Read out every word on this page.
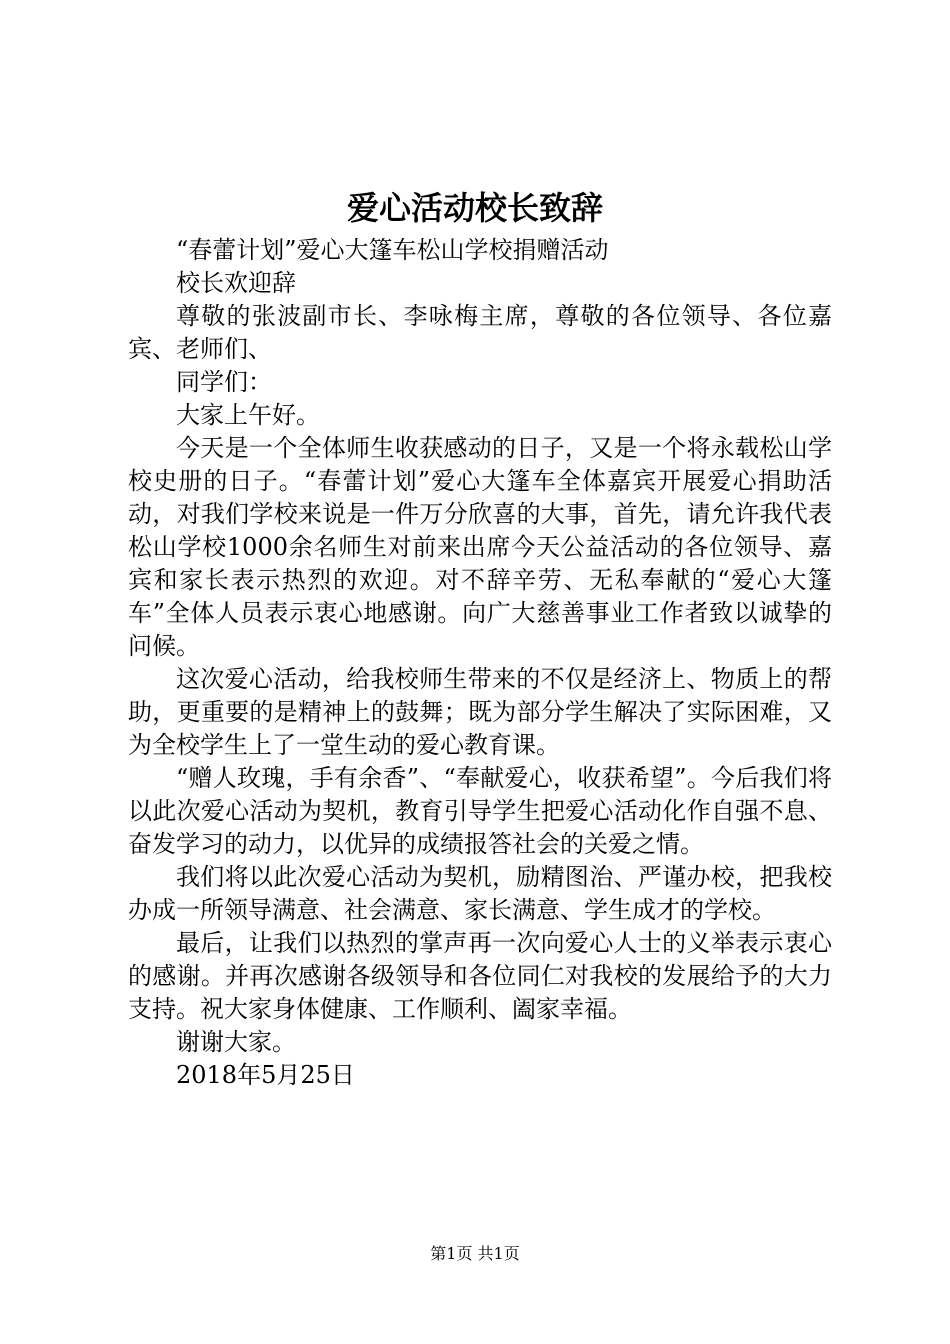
爱心活动校长致辞

“春蕾计划”爱心大篷车松山学校捐赠活动

校长欢迎辞

尊敬的张波副市长、李咏梅主席，尊敬的各位领导、各位嘉宾、老师们、

同学们：

大家上午好。

今天是一个全体师生收获感动的日子，又是一个将永载松山学校史册的日子。“春蕾计划”爱心大篷车全体嘉宾开展爱心捐助活动，对我们学校来说是一件万分欣喜的大事，首先，请允许我代表松山学校1000余名师生对前来出席今天公益活动的各位领导、嘉宾和家长表示热烈的欢迎。对不辞辛劳、无私奉献的“爱心大篷车”全体人员表示衷心地感谢。向广大慈善事业工作者致以诚挚的问候。

这次爱心活动，给我校师生带来的不仅是经济上、物质上的帮助，更重要的是精神上的鼓舞；既为部分学生解决了实际困难，又为全校学生上了一堂生动的爱心教育课。

“赠人玫瑰，手有余香”、“奉献爱心，收获希望”。今后我们将以此次爱心活动为契机，教育引导学生把爱心活动化作自强不息、奋发学习的动力，以优异的成绩报答社会的关爱之情。

我们将以此次爱心活动为契机，励精图治、严谨办校，把我校办成一所领导满意、社会满意、家长满意、学生成才的学校。

最后，让我们以热烈的掌声再一次向爱心人士的义举表示衷心的感谢。并再次感谢各级领导和各位同仁对我校的发展给予的大力支持。祝大家身体健康、工作顺利、阖家幸福。

谢谢大家。

2018年5月25日

第1页 共1页
